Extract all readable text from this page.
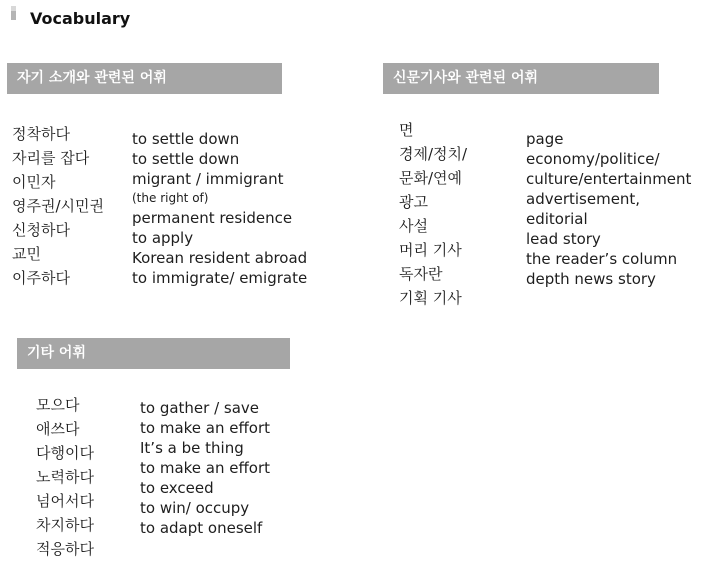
Vocabulary
자기 소개와 관련된 어휘
정착하다
자리를 잡다
이민자
영주권/시민권
신청하다
교민
이주하다
to settle down
to settle down
migrant / immigrant
(the right of)
permanent residence
to apply
Korean resident abroad
to immigrate/ emigrate
신문기사와 관련된 어휘
면
경제/정치/
문화/연예
광고
사설
머리 기사
독자란
기획 기사
page
economy/politice/
culture/entertainment
advertisement,
editorial
lead story
the reader’s column
depth news story
기타 어휘
모으다
애쓰다
다행이다
노력하다
넘어서다
차지하다
적응하다
to gather / save
to make an effort
It’s a be thing
to make an effort
to exceed
to win/ occupy
to adapt oneself
